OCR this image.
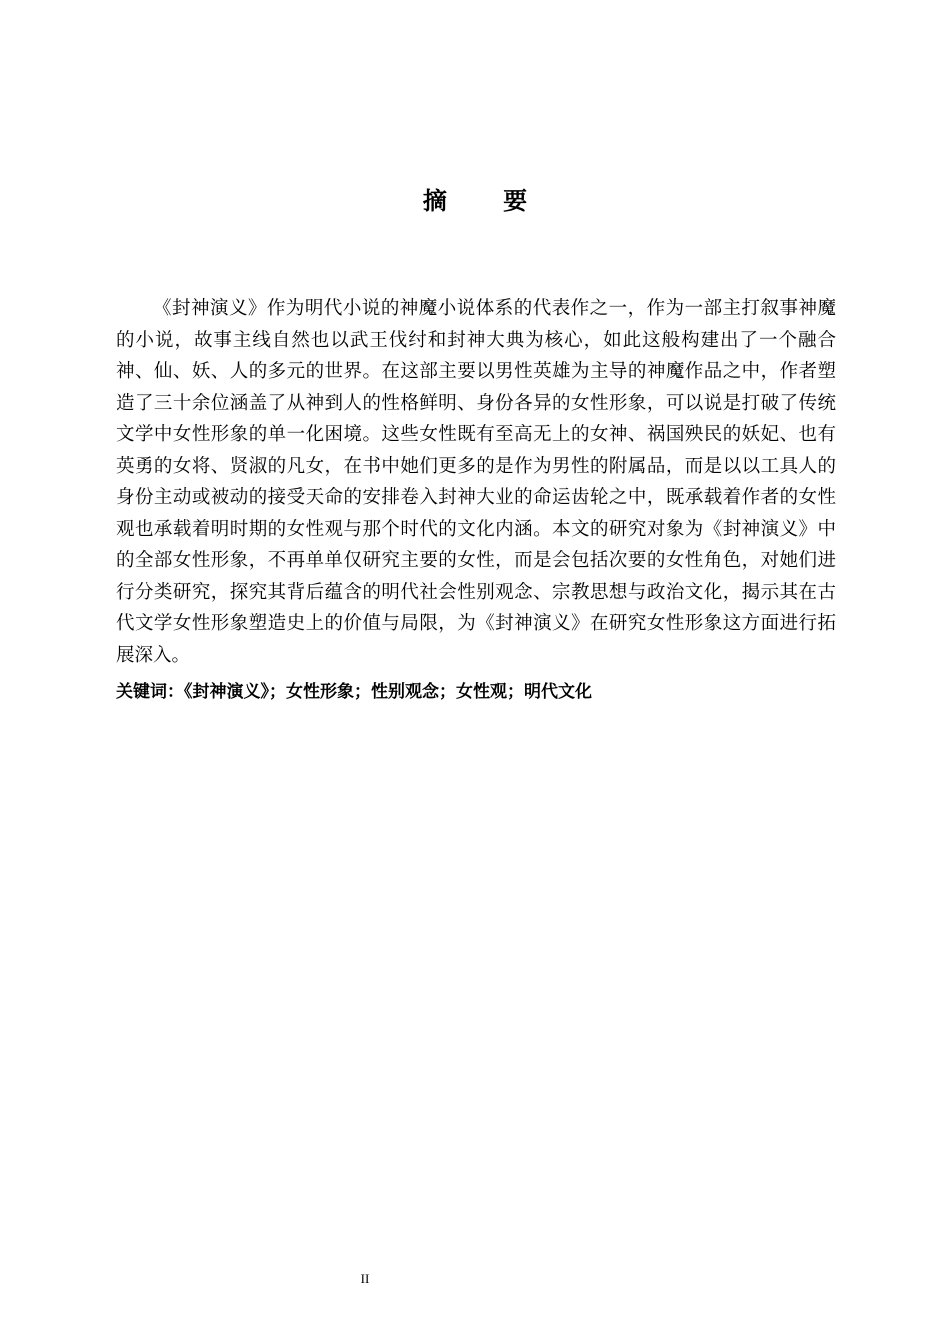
摘 要

《封神演义》作为明代小说的神魔小说体系的代表作之一，作为一部主打叙事神魔的小说，故事主线自然也以武王伐纣和封神大典为核心，如此这般构建出了一个融合神、仙、妖、人的多元的世界。在这部主要以男性英雄为主导的神魔作品之中，作者塑造了三十余位涵盖了从神到人的性格鲜明、身份各异的女性形象，可以说是打破了传统文学中女性形象的单一化困境。这些女性既有至高无上的女神、祸国殃民的妖妃、也有英勇的女将、贤淑的凡女，在书中她们更多的是作为男性的附属品，而是以以工具人的身份主动或被动的接受天命的安排卷入封神大业的命运齿轮之中，既承载着作者的女性观也承载着明时期的女性观与那个时代的文化内涵。本文的研究对象为《封神演义》中的全部女性形象，不再单单仅研究主要的女性，而是会包括次要的女性角色，对她们进行分类研究，探究其背后蕴含的明代社会性别观念、宗教思想与政治文化，揭示其在古代文学女性形象塑造史上的价值与局限，为《封神演义》在研究女性形象这方面进行拓展深入。

关键词：《封神演义》；女性形象；性别观念；女性观；明代文化
II
